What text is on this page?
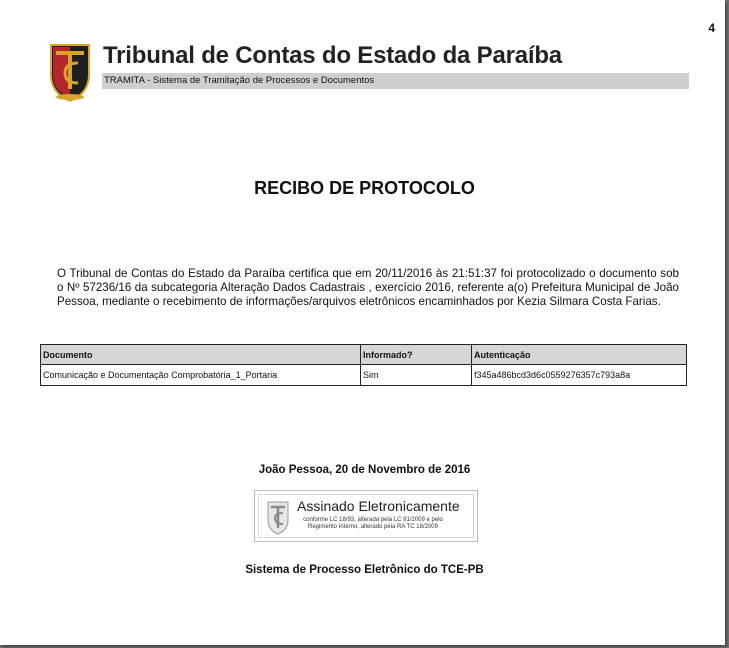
4
Tribunal de Contas do Estado da Paraíba
TRAMITA - Sistema de Tramitação de Processos e Documentos
RECIBO DE PROTOCOLO

O Tribunal de Contas do Estado da Paraíba certifica que em 20/11/2016 às 21:51:37 foi protocolizado o documento sob o Nº 57236/16 da subcategoria Alteração Dados Cadastrais , exercício 2016, referente a(o) Prefeitura Municipal de João Pessoa, mediante o recebimento de informações/arquivos eletrônicos encaminhados por Kezia Silmara Costa Farias.

Documento	Informado?	Autenticação
Comunicação e Documentação Comprobatória_1_Portaria	Sim	f345a486bcd3d6c0559276357c793a8a
João Pessoa, 20 de Novembro de 2016
Assinado Eletronicamente
conforme LC 18/93, alterada pela LC 91/2009 e pelo Regimento Interno, alterado pela RA TC 18/2009
Sistema de Processo Eletrônico do TCE-PB
